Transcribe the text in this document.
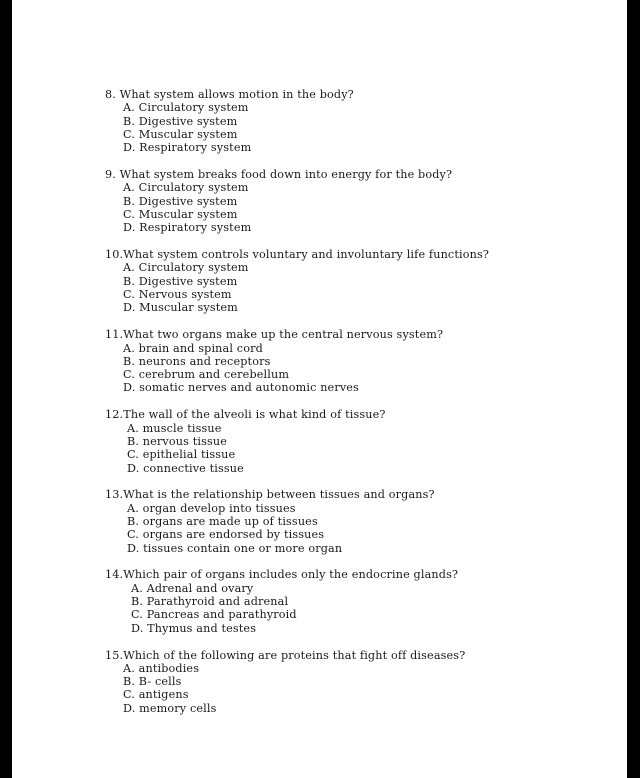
8. What system allows motion in the body?
A. Circulatory system
B. Digestive system
C. Muscular system
D. Respiratory system
9. What system breaks food down into energy for the body?
A. Circulatory system
B. Digestive system
C. Muscular system
D. Respiratory system
10.What system controls voluntary and involuntary life functions?
A. Circulatory system
B. Digestive system
C. Nervous system
D. Muscular system
11.What two organs make up the central nervous system?
A. brain and spinal cord
B. neurons and receptors
C. cerebrum and cerebellum
D. somatic nerves and autonomic nerves
12.The wall of the alveoli is what kind of tissue?
A. muscle tissue
B. nervous tissue
C. epithelial tissue
D. connective tissue
13.What is the relationship between tissues and organs?
A. organ develop into tissues
B. organs are made up of tissues
C. organs are endorsed by tissues
D. tissues contain one or more organ
14.Which pair of organs includes only the endocrine glands?
A. Adrenal and ovary
B. Parathyroid and adrenal
C. Pancreas and parathyroid
D. Thymus and testes
15.Which of the following are proteins that fight off diseases?
A. antibodies
B. B- cells
C. antigens
D. memory cells
